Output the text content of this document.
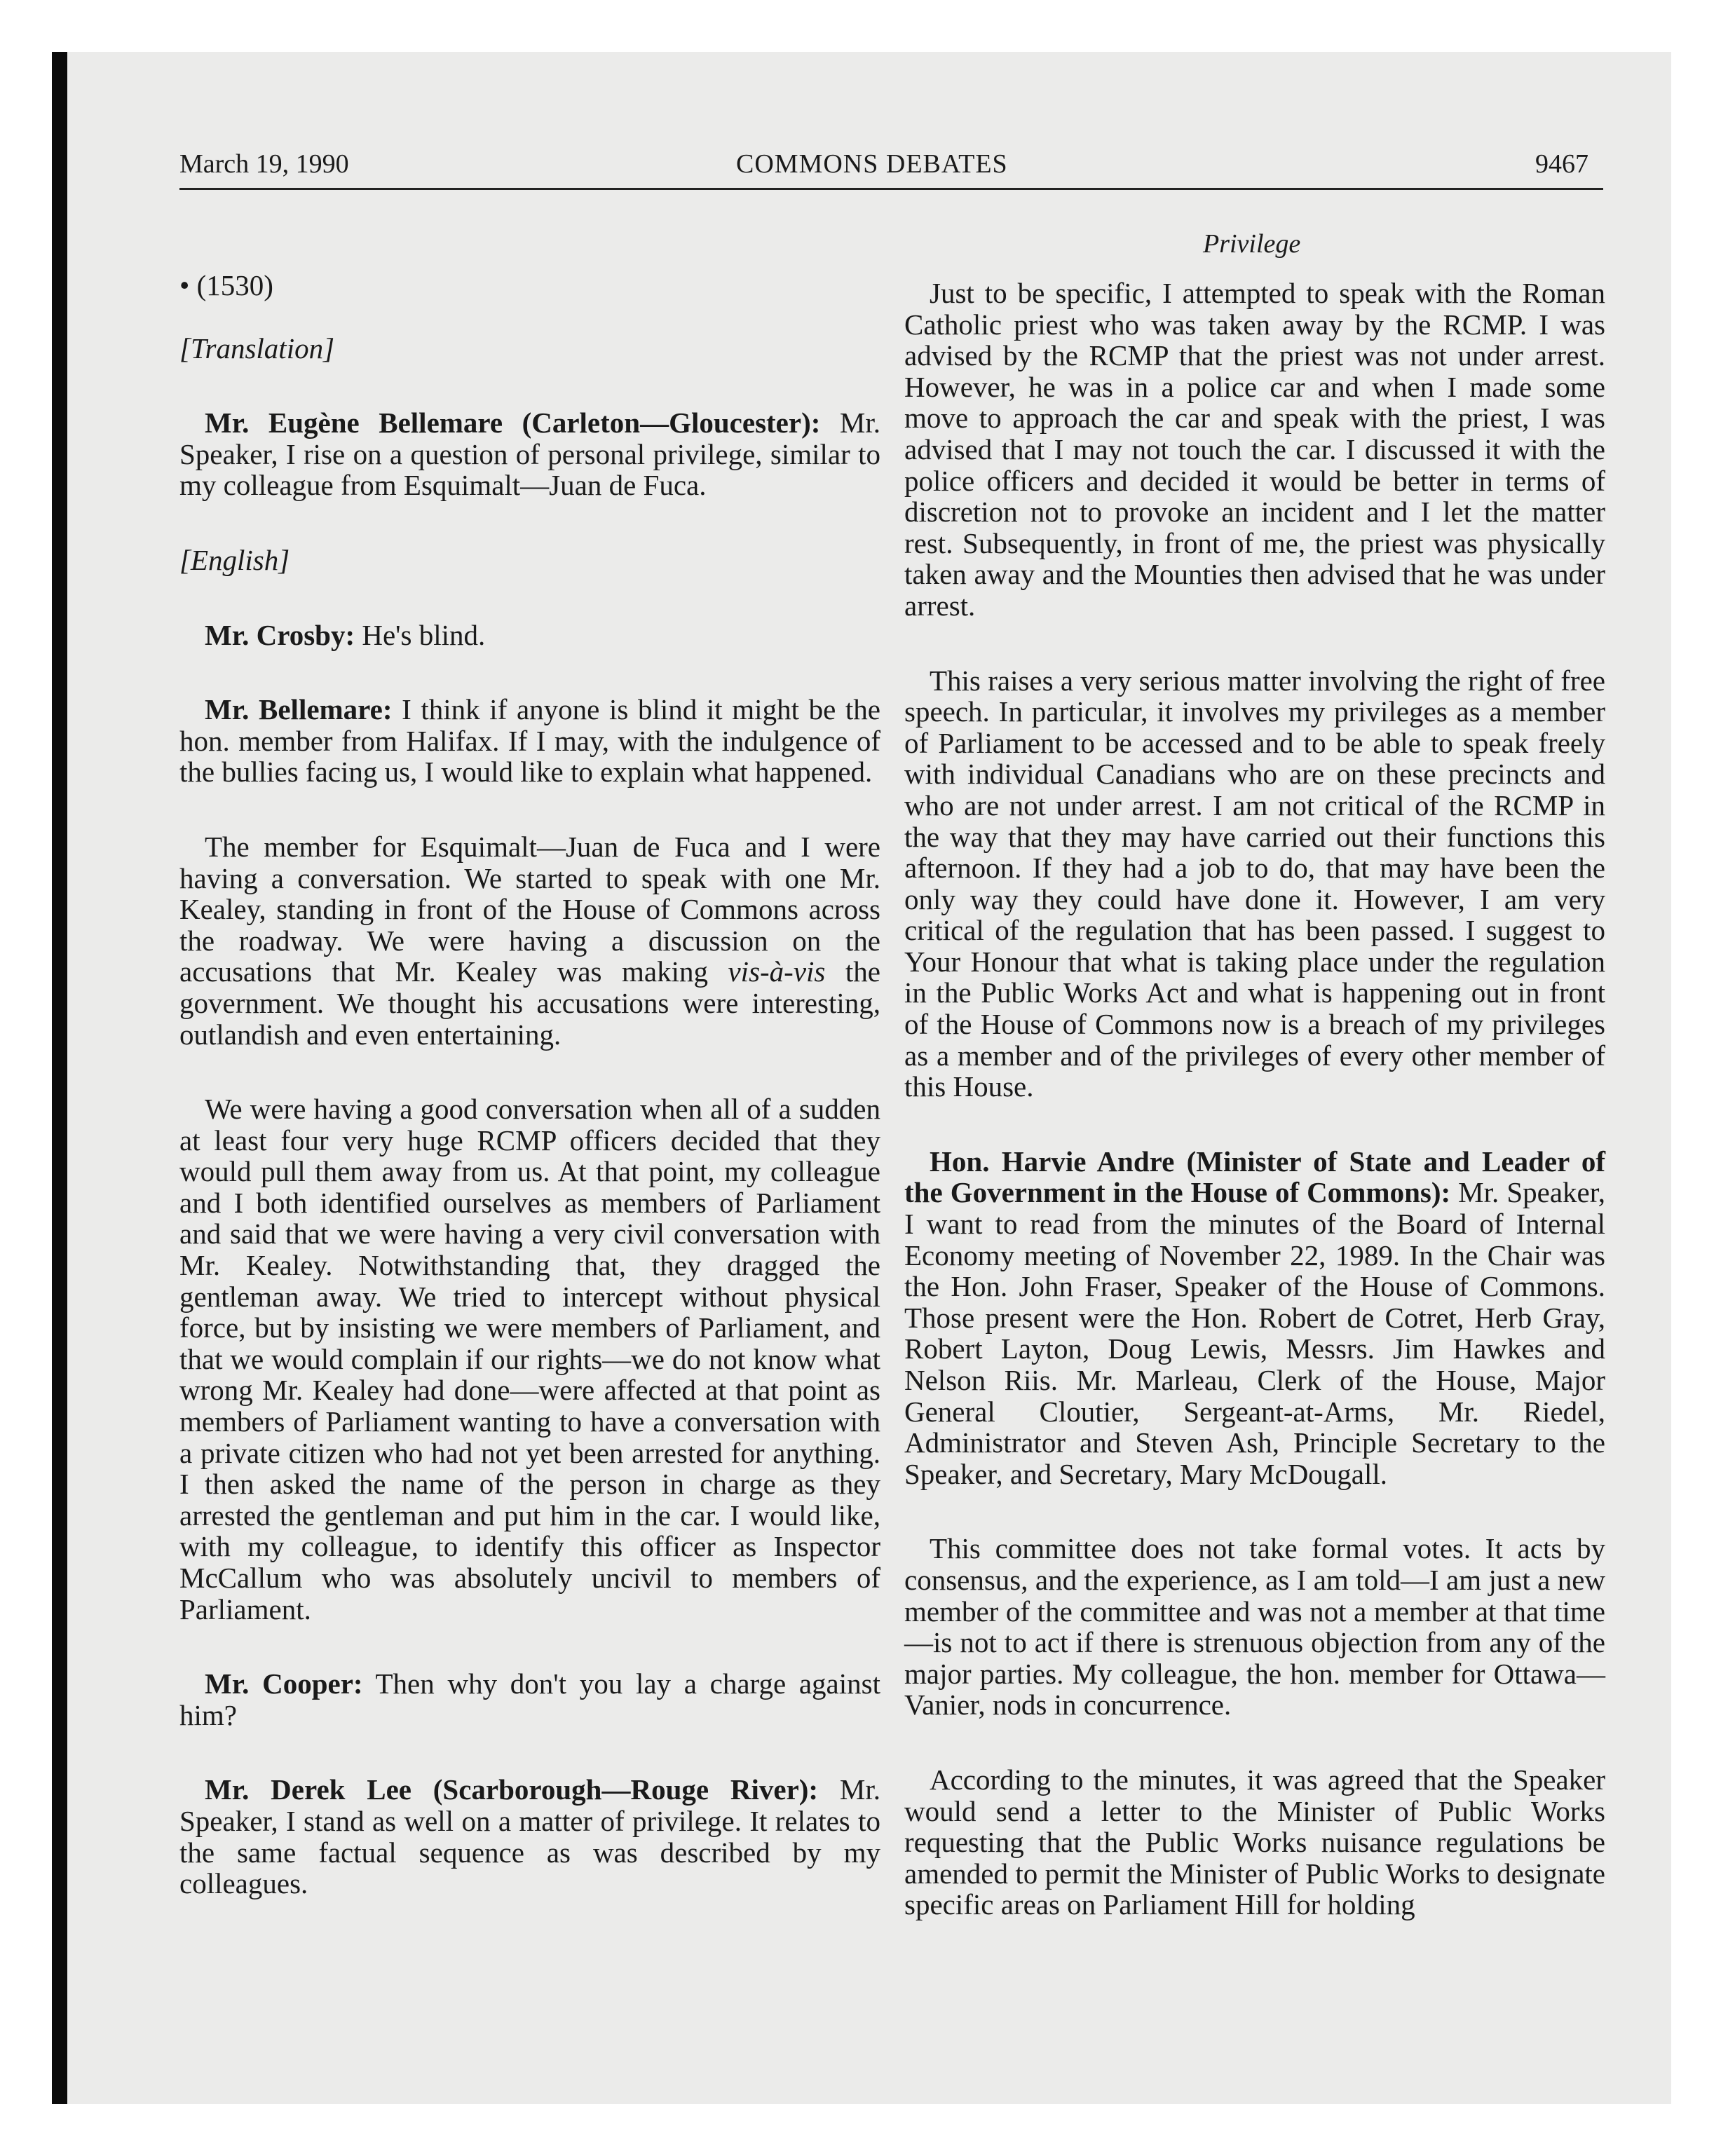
March 19, 1990	COMMONS DEBATES	9467
Privilege

• (1530)

[Translation]

Mr. Eugène Bellemare (Carleton—Gloucester): Mr. Speaker, I rise on a question of personal privilege, similar to my colleague from Esquimalt—Juan de Fuca.

[English]

Mr. Crosby: He's blind.

Mr. Bellemare: I think if anyone is blind it might be the hon. member from Halifax. If I may, with the indulgence of the bullies facing us, I would like to explain what happened.

The member for Esquimalt—Juan de Fuca and I were having a conversation. We started to speak with one Mr. Kealey, standing in front of the House of Commons across the roadway. We were having a discussion on the accusations that Mr. Kealey was making vis-à-vis the government. We thought his accusations were interesting, outlandish and even entertaining.

We were having a good conversation when all of a sudden at least four very huge RCMP officers decided that they would pull them away from us. At that point, my colleague and I both identified ourselves as members of Parliament and said that we were having a very civil conversation with Mr. Kealey. Notwithstanding that, they dragged the gentleman away. We tried to intercept without physical force, but by insisting we were members of Parliament, and that we would complain if our rights—we do not know what wrong Mr. Kealey had done—were affected at that point as members of Parliament wanting to have a conversation with a private citizen who had not yet been arrested for anything. I then asked the name of the person in charge as they arrested the gentleman and put him in the car. I would like, with my colleague, to identify this officer as Inspector McCallum who was absolutely uncivil to members of Parliament.

Mr. Cooper: Then why don't you lay a charge against him?

Mr. Derek Lee (Scarborough—Rouge River): Mr. Speaker, I stand as well on a matter of privilege. It relates to the same factual sequence as was described by my colleagues.

Just to be specific, I attempted to speak with the Roman Catholic priest who was taken away by the RCMP. I was advised by the RCMP that the priest was not under arrest. However, he was in a police car and when I made some move to approach the car and speak with the priest, I was advised that I may not touch the car. I discussed it with the police officers and decided it would be better in terms of discretion not to provoke an incident and I let the matter rest. Subsequently, in front of me, the priest was physically taken away and the Mounties then advised that he was under arrest.

This raises a very serious matter involving the right of free speech. In particular, it involves my privileges as a member of Parliament to be accessed and to be able to speak freely with individual Canadians who are on these precincts and who are not under arrest. I am not critical of the RCMP in the way that they may have carried out their functions this afternoon. If they had a job to do, that may have been the only way they could have done it. However, I am very critical of the regulation that has been passed. I suggest to Your Honour that what is taking place under the regulation in the Public Works Act and what is happening out in front of the House of Commons now is a breach of my privileges as a member and of the privileges of every other member of this House.

Hon. Harvie Andre (Minister of State and Leader of the Government in the House of Commons): Mr. Speaker, I want to read from the minutes of the Board of Internal Economy meeting of November 22, 1989. In the Chair was the Hon. John Fraser, Speaker of the House of Commons. Those present were the Hon. Robert de Cotret, Herb Gray, Robert Layton, Doug Lewis, Messrs. Jim Hawkes and Nelson Riis. Mr. Marleau, Clerk of the House, Major General Cloutier, Sergeant-at-Arms, Mr. Riedel, Administrator and Steven Ash, Principle Secretary to the Speaker, and Secretary, Mary McDougall.

This committee does not take formal votes. It acts by consensus, and the experience, as I am told—I am just a new member of the committee and was not a member at that time—is not to act if there is strenuous objection from any of the major parties. My colleague, the hon. member for Ottawa—Vanier, nods in concurrence.

According to the minutes, it was agreed that the Speaker would send a letter to the Minister of Public Works requesting that the Public Works nuisance regulations be amended to permit the Minister of Public Works to designate specific areas on Parliament Hill for holding
